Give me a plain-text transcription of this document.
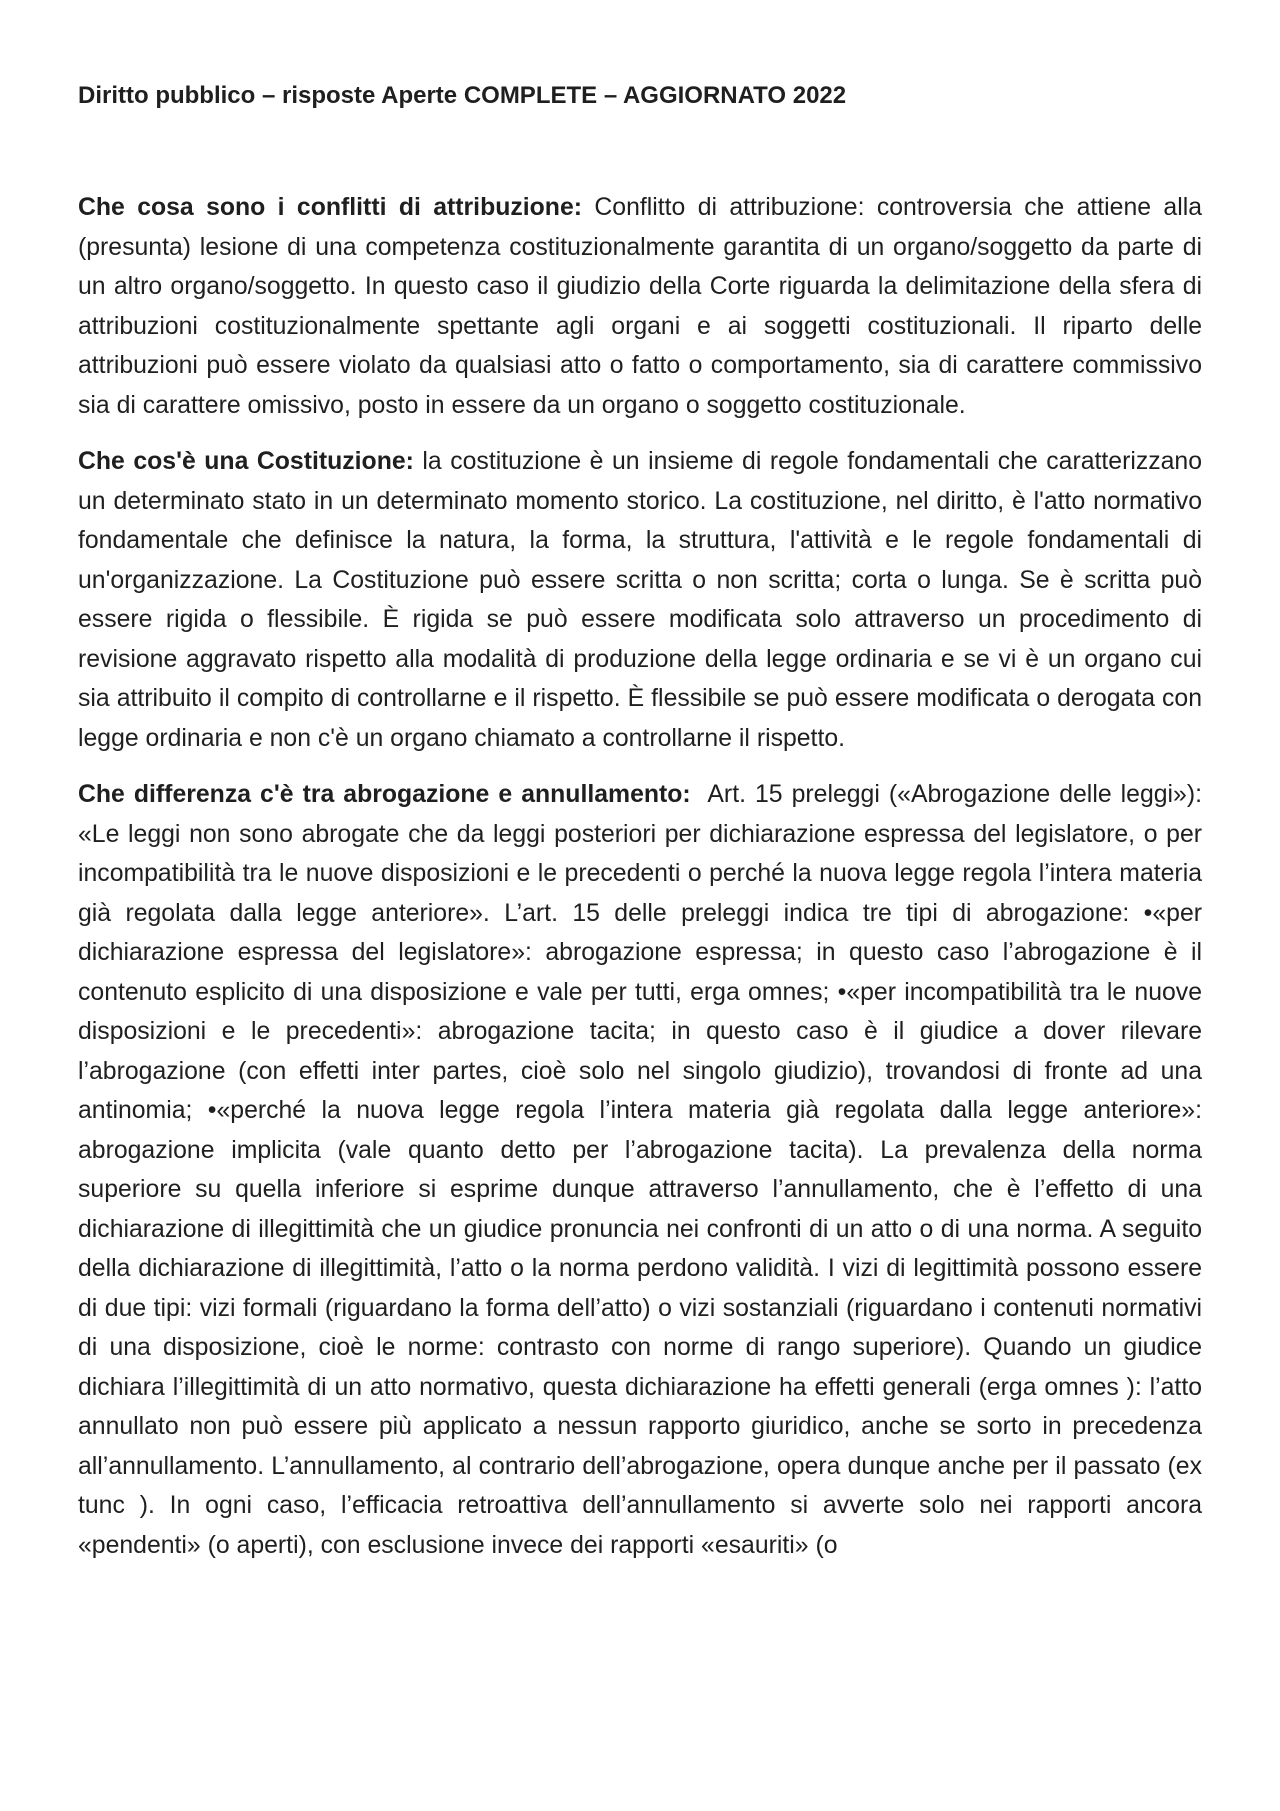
Diritto pubblico – risposte Aperte COMPLETE – AGGIORNATO 2022

Che cosa sono i conflitti di attribuzione: Conflitto di attribuzione: controversia che attiene alla (presunta) lesione di una competenza costituzionalmente garantita di un organo/soggetto da parte di un altro organo/soggetto. In questo caso il giudizio della Corte riguarda la delimitazione della sfera di attribuzioni costituzionalmente spettante agli organi e ai soggetti costituzionali. Il riparto delle attribuzioni può essere violato da qualsiasi atto o fatto o comportamento, sia di carattere commissivo sia di carattere omissivo, posto in essere da un organo o soggetto costituzionale.

Che cos'è una Costituzione: la costituzione è un insieme di regole fondamentali che caratterizzano un determinato stato in un determinato momento storico. La costituzione, nel diritto, è l'atto normativo fondamentale che definisce la natura, la forma, la struttura, l'attività e le regole fondamentali di un'organizzazione. La Costituzione può essere scritta o non scritta; corta o lunga. Se è scritta può essere rigida o flessibile. È rigida se può essere modificata solo attraverso un procedimento di revisione aggravato rispetto alla modalità di produzione della legge ordinaria e se vi è un organo cui sia attribuito il compito di controllarne e il rispetto. È flessibile se può essere modificata o derogata con legge ordinaria e non c'è un organo chiamato a controllarne il rispetto.

Che differenza c'è tra abrogazione e annullamento: Art. 15 preleggi («Abrogazione delle leggi»): «Le leggi non sono abrogate che da leggi posteriori per dichiarazione espressa del legislatore, o per incompatibilità tra le nuove disposizioni e le precedenti o perché la nuova legge regola l’intera materia già regolata dalla legge anteriore». L’art. 15 delle preleggi indica tre tipi di abrogazione: •«per dichiarazione espressa del legislatore»: abrogazione espressa; in questo caso l’abrogazione è il contenuto esplicito di una disposizione e vale per tutti, erga omnes; •«per incompatibilità tra le nuove disposizioni e le precedenti»: abrogazione tacita; in questo caso è il giudice a dover rilevare l’abrogazione (con effetti inter partes, cioè solo nel singolo giudizio), trovandosi di fronte ad una antinomia; •«perché la nuova legge regola l’intera materia già regolata dalla legge anteriore»: abrogazione implicita (vale quanto detto per l’abrogazione tacita). La prevalenza della norma superiore su quella inferiore si esprime dunque attraverso l’annullamento, che è l’effetto di una dichiarazione di illegittimità che un giudice pronuncia nei confronti di un atto o di una norma. A seguito della dichiarazione di illegittimità, l’atto o la norma perdono validità. I vizi di legittimità possono essere di due tipi: vizi formali (riguardano la forma dell’atto) o vizi sostanziali (riguardano i contenuti normativi di una disposizione, cioè le norme: contrasto con norme di rango superiore). Quando un giudice dichiara l’illegittimità di un atto normativo, questa dichiarazione ha effetti generali (erga omnes ): l’atto annullato non può essere più applicato a nessun rapporto giuridico, anche se sorto in precedenza all’annullamento. L’annullamento, al contrario dell’abrogazione, opera dunque anche per il passato (ex tunc ). In ogni caso, l’efficacia retroattiva dell’annullamento si avverte solo nei rapporti ancora «pendenti» (o aperti), con esclusione invece dei rapporti «esauriti» (o
